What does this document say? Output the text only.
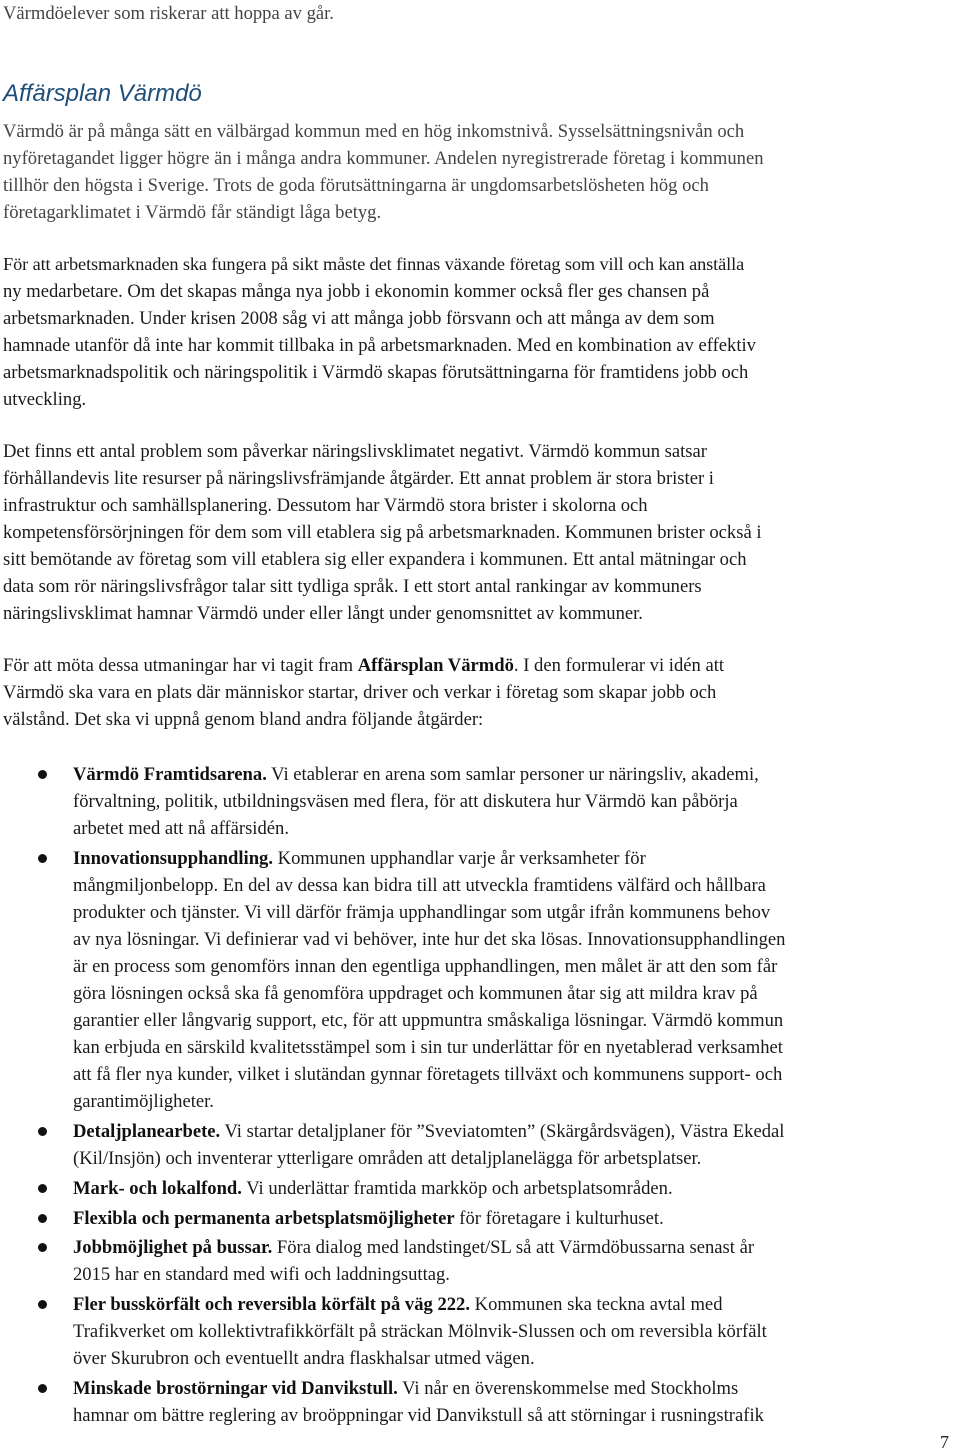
Värmdöelever som riskerar att hoppa av går.
Affärsplan Värmdö
Värmdö är på många sätt en välbärgad kommun med en hög inkomstnivå. Sysselsättningsnivån och
nyföretagandet ligger högre än i många andra kommuner. Andelen nyregistrerade företag i kommunen
tillhör den högsta i Sverige. Trots de goda förutsättningarna är ungdomsarbetslösheten hög och
företagarklimatet i Värmdö får ständigt låga betyg.
För att arbetsmarknaden ska fungera på sikt måste det finnas växande företag som vill och kan anställa
ny medarbetare. Om det skapas många nya jobb i ekonomin kommer också fler ges chansen på
arbetsmarknaden. Under krisen 2008 såg vi att många jobb försvann och att många av dem som
hamnade utanför då inte har kommit tillbaka in på arbetsmarknaden. Med en kombination av effektiv
arbetsmarknadspolitik och näringspolitik i Värmdö skapas förutsättningarna för framtidens jobb och
utveckling.
Det finns ett antal problem som påverkar näringslivsklimatet negativt. Värmdö kommun satsar
förhållandevis lite resurser på näringslivsfrämjande åtgärder. Ett annat problem är stora brister i
infrastruktur och samhällsplanering. Dessutom har Värmdö stora brister i skolorna och
kompetensförsörjningen för dem som vill etablera sig på arbetsmarknaden. Kommunen brister också i
sitt bemötande av företag som vill etablera sig eller expandera i kommunen. Ett antal mätningar och
data som rör näringslivsfrågor talar sitt tydliga språk. I ett stort antal rankingar av kommuners
näringslivsklimat hamnar Värmdö under eller långt under genomsnittet av kommuner.
För att möta dessa utmaningar har vi tagit fram Affärsplan Värmdö. I den formulerar vi idén att
Värmdö ska vara en plats där människor startar, driver och verkar i företag som skapar jobb och
välstånd. Det ska vi uppnå genom bland andra följande åtgärder:
Värmdö Framtidsarena. Vi etablerar en arena som samlar personer ur näringsliv, akademi,
förvaltning, politik, utbildningsväsen med flera, för att diskutera hur Värmdö kan påbörja
arbetet med att nå affärsidén.
Innovationsupphandling. Kommunen upphandlar varje år verksamheter för
mångmiljonbelopp. En del av dessa kan bidra till att utveckla framtidens välfärd och hållbara
produkter och tjänster. Vi vill därför främja upphandlingar som utgår ifrån kommunens behov
av nya lösningar. Vi definierar vad vi behöver, inte hur det ska lösas. Innovationsupphandlingen
är en process som genomförs innan den egentliga upphandlingen, men målet är att den som får
göra lösningen också ska få genomföra uppdraget och kommunen åtar sig att mildra krav på
garantier eller långvarig support, etc, för att uppmuntra småskaliga lösningar. Värmdö kommun
kan erbjuda en särskild kvalitetsstämpel som i sin tur underlättar för en nyetablerad verksamhet
att få fler nya kunder, vilket i slutändan gynnar företagets tillväxt och kommunens support- och
garantimöjligheter.
Detaljplanearbete. Vi startar detaljplaner för ”Sveviatomten” (Skärgårdsvägen), Västra Ekedal
(Kil/Insjön) och inventerar ytterligare områden att detaljplanelägga för arbetsplatser.
Mark- och lokalfond. Vi underlättar framtida markköp och arbetsplatsområden.
Flexibla och permanenta arbetsplatsmöjligheter för företagare i kulturhuset.
Jobbmöjlighet på bussar. Föra dialog med landstinget/SL så att Värmdöbussarna senast år
2015 har en standard med wifi och laddningsuttag.
Fler busskörfält och reversibla körfält på väg 222. Kommunen ska teckna avtal med
Trafikverket om kollektivtrafikkörfält på sträckan Mölnvik-Slussen och om reversibla körfält
över Skurubron och eventuellt andra flaskhalsar utmed vägen.
Minskade brostörningar vid Danvikstull. Vi når en överenskommelse med Stockholms
hamnar om bättre reglering av broöppningar vid Danvikstull så att störningar i rusningstrafik
7
